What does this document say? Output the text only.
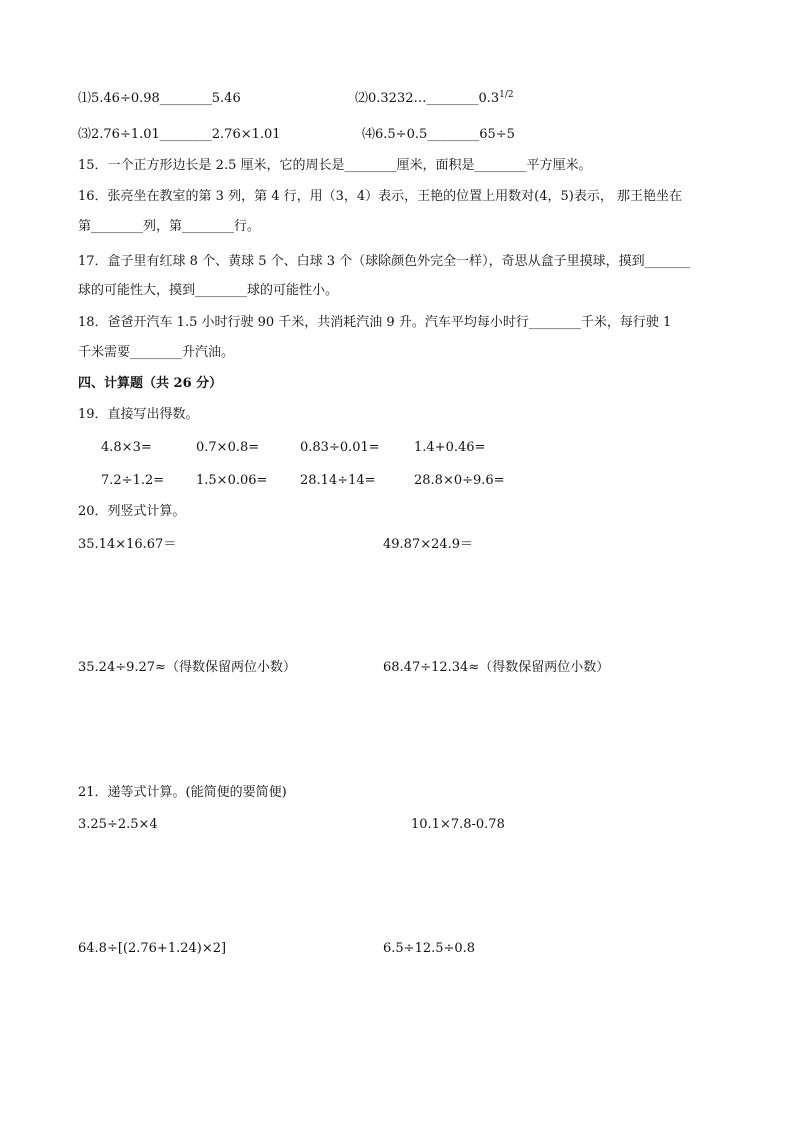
⑴5.46÷0.98________5.46	$⑵0.3232\dots\_\_\_\_\_\_\_\_0.3^{1/2}$
⑶2.76÷1.01________2.76×1.01	⑷6.5÷0.5________65÷5
15．一个正方形边长是 2.5 厘米，它的周长是________厘米，面积是________平方厘米。
16．张亮坐在教室的第 3 列，第 4 行，用（3，4）表示，王艳的位置上用数对(4，5)表示， 那王艳坐在
第________列，第________行。
17．盒子里有红球 8 个、黄球 5 个、白球 3 个（球除颜色外完全一样），奇思从盒子里摸球，摸到_______
球的可能性大，摸到________球的可能性小。
18．爸爸开汽车 1.5 小时行驶 90 千米，共消耗汽油 9 升。汽车平均每小时行________千米，每行驶 1
千米需要________升汽油。
四、计算题（共 26 分）
19．直接写出得数。
4.8×3=	0.7×0.8=	0.83÷0.01=	1.4+0.46=
7.2÷1.2= 1.5×0.06=	28.14÷14=	28.8×0÷9.6=
20．列竖式计算。
35.14×16.67＝	49.87×24.9＝
35.24÷9.27≈（得数保留两位小数）	68.47÷12.34≈（得数保留两位小数）
21．递等式计算。(能简便的要简便)
3.25÷2.5×4	10.1×7.8-0.78
64.8÷[(2.76+1.24)×2]	6.5÷12.5÷0.8
